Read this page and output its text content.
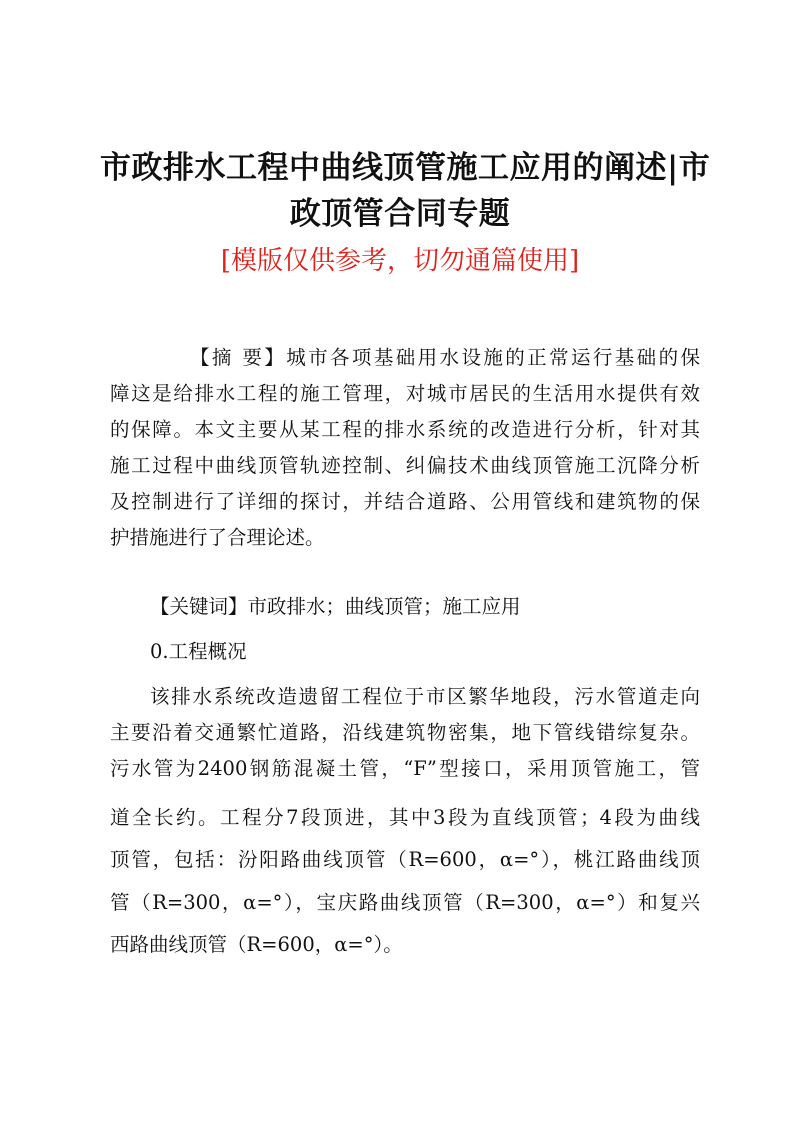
市政排水工程中曲线顶管施工应用的阐述|市
政顶管合同专题
[模版仅供参考，切勿通篇使用]
【摘 要】城市各项基础用水设施的正常运行基础的保
障这是给排水工程的施工管理，对城市居民的生活用水提供有效
的保障。本文主要从某工程的排水系统的改造进行分析，针对其
施工过程中曲线顶管轨迹控制、纠偏技术曲线顶管施工沉降分析
及控制进行了详细的探讨，并结合道路、公用管线和建筑物的保
护措施进行了合理论述。
【关键词】市政排水；曲线顶管；施工应用
0.工程概况
该排水系统改造遗留工程位于市区繁华地段，污水管道走向
主要沿着交通繁忙道路，沿线建筑物密集，地下管线错综复杂。
污水管为2400钢筋混凝土管，“F”型接口，采用顶管施工，管
道全长约。工程分7段顶进，其中3段为直线顶管；4段为曲线
顶管，包括：汾阳路曲线顶管（R=600，α=°），桃江路曲线顶
管（R=300，α=°），宝庆路曲线顶管（R=300，α=°）和复兴
西路曲线顶管（R=600，α=°）。
